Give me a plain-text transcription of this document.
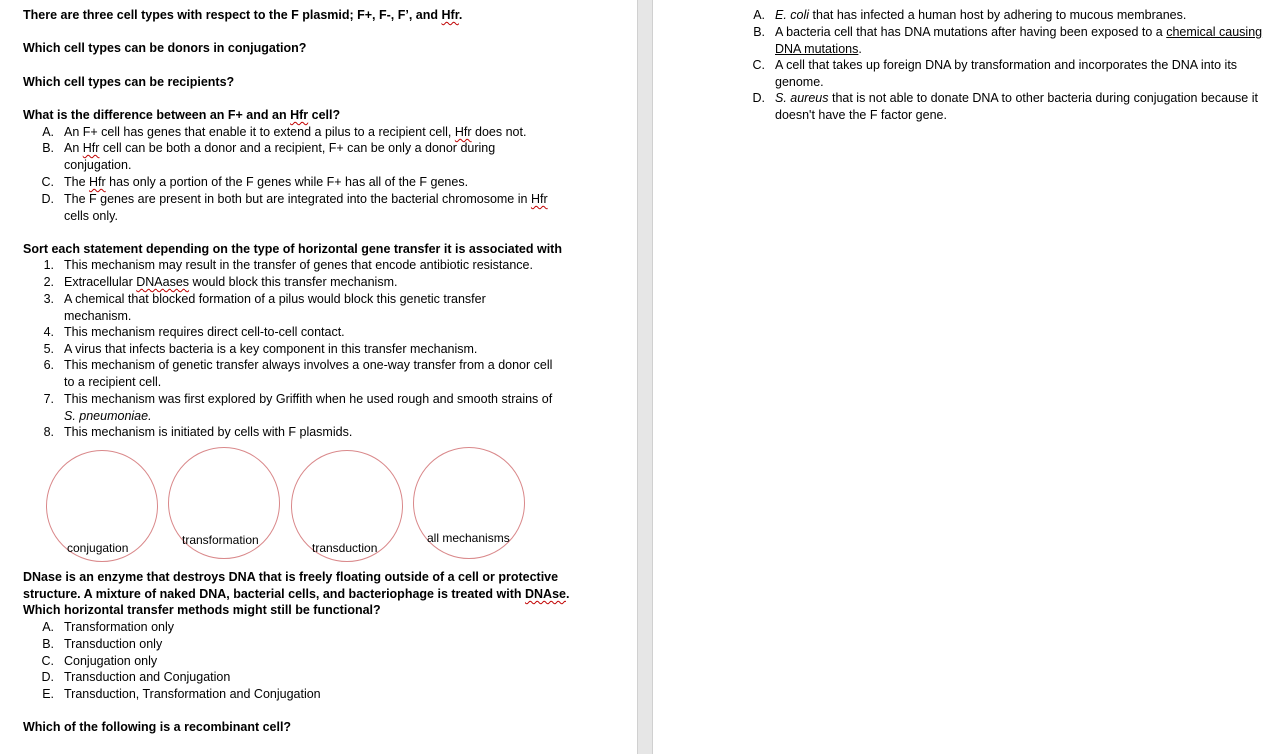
There are three cell types with respect to the F plasmid; F+, F-, F’, and Hfr.
Which cell types can be donors in conjugation?
Which cell types can be recipients?
What is the difference between an F+ and an Hfr cell?
A. An F+ cell has genes that enable it to extend a pilus to a recipient cell, Hfr does not.
B. An Hfr cell can be both a donor and a recipient, F+ can be only a donor during
conjugation.
C. The Hfr has only a portion of the F genes while F+ has all of the F genes.
D. The F genes are present in both but are integrated into the bacterial chromosome in Hfr
cells only.
Sort each statement depending on the type of horizontal gene transfer it is associated with
1. This mechanism may result in the transfer of genes that encode antibiotic resistance.
2. Extracellular DNAases would block this transfer mechanism.
3. A chemical that blocked formation of a pilus would block this genetic transfer
mechanism.
4. This mechanism requires direct cell-to-cell contact.
5. A virus that infects bacteria is a key component in this transfer mechanism.
6. This mechanism of genetic transfer always involves a one-way transfer from a donor cell
to a recipient cell.
7. This mechanism was first explored by Griffith when he used rough and smooth strains of
S. pneumoniae.
8. This mechanism is initiated by cells with F plasmids.
conjugation
transformation
transduction
all mechanisms
DNase is an enzyme that destroys DNA that is freely floating outside of a cell or protective
structure. A mixture of naked DNA, bacterial cells, and bacteriophage is treated with DNAse.
Which horizontal transfer methods might still be functional?
A. Transformation only
B. Transduction only
C. Conjugation only
D. Transduction and Conjugation
E. Transduction, Transformation and Conjugation
Which of the following is a recombinant cell?
A. E. coli that has infected a human host by adhering to mucous membranes.
B. A bacteria cell that has DNA mutations after having been exposed to a chemical causing
DNA mutations.
C. A cell that takes up foreign DNA by transformation and incorporates the DNA into its
genome.
D. S. aureus that is not able to donate DNA to other bacteria during conjugation because it
doesn't have the F factor gene.
